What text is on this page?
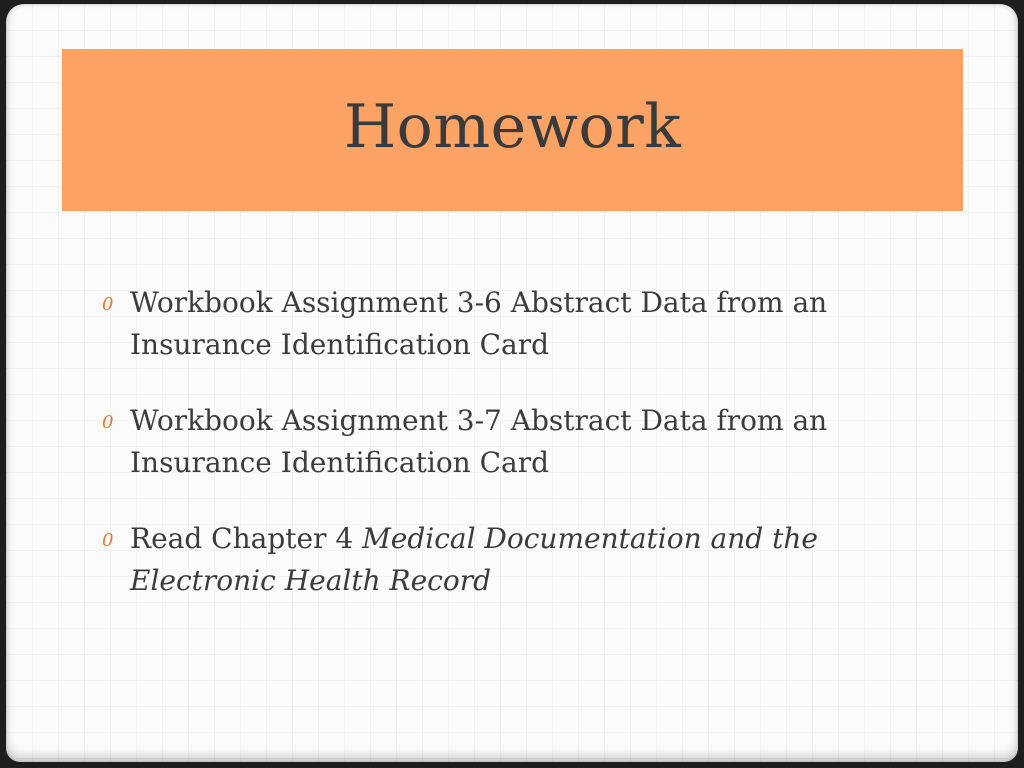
Homework
0 Workbook Assignment 3-6 Abstract Data from an Insurance Identification Card
0 Workbook Assignment 3-7 Abstract Data from an Insurance Identification Card
0 Read Chapter 4 Medical Documentation and the Electronic Health Record
